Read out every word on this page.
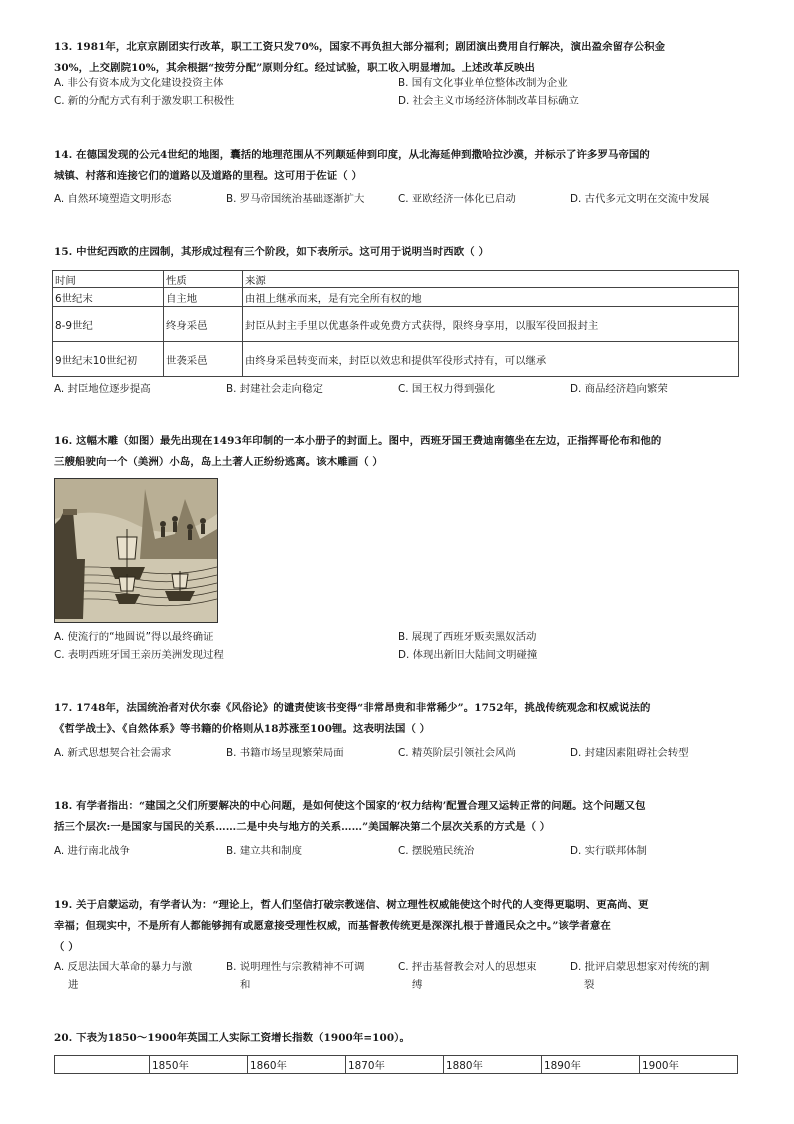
13. 1981年，北京京剧团实行改革，职工工资只发70%，国家不再负担大部分福利；剧团演出费用自行解决，演出盈余留存公积金
30%，上交剧院10%，其余根据“按劳分配”原则分红。经过试验，职工收入明显增加。上述改革反映出
A. 非公有资本成为文化建设投资主体	B. 国有文化事业单位整体改制为企业
C. 新的分配方式有利于激发职工积极性	D. 社会主义市场经济体制改革目标确立
14. 在德国发现的公元4世纪的地图，囊括的地理范围从不列颠延伸到印度，从北海延伸到撒哈拉沙漠，并标示了许多罗马帝国的
城镇、村落和连接它们的道路以及道路的里程。这可用于佐证（ ）
A. 自然环境塑造文明形态	B. 罗马帝国统治基础逐渐扩大	C. 亚欧经济一体化已启动	D. 古代多元文明在交流中发展
15. 中世纪西欧的庄园制，其形成过程有三个阶段，如下表所示。这可用于说明当时西欧（ ）
时间	性质	来源
6世纪末	自主地	由祖上继承而来，是有完全所有权的地
8-9世纪	终身采邑	封臣从封主手里以优惠条件或免费方式获得，限终身享用，以服军役回报封主
9世纪末10世纪初	世袭采邑	由终身采邑转变而来，封臣以效忠和提供军役形式持有，可以继承
A. 封臣地位逐步提高	B. 封建社会走向稳定	C. 国王权力得到强化	D. 商品经济趋向繁荣
16. 这幅木雕（如图）最先出现在1493年印制的一本小册子的封面上。图中，西班牙国王费迪南德坐在左边，正指挥哥伦布和他的
三艘船驶向一个（美洲）小岛，岛上土著人正纷纷逃离。该木雕画（ ）
A. 使流行的“地圆说”得以最终确证	B. 展现了西班牙贩卖黑奴活动
C. 表明西班牙国王亲历美洲发现过程	D. 体现出新旧大陆间文明碰撞
17. 1748年，法国统治者对伏尔泰《风俗论》的谴责使该书变得“非常昂贵和非常稀少”。1752年，挑战传统观念和权威说法的
《哲学战士》、《自然体系》等书籍的价格则从18苏涨至100锂。这表明法国（ ）
A. 新式思想契合社会需求	B. 书籍市场呈现繁荣局面	C. 精英阶层引领社会风尚	D. 封建因素阻碍社会转型
18. 有学者指出：“建国之父们所要解决的中心问题，是如何使这个国家的‘权力结构’配置合理又运转正常的问题。这个问题又包
括三个层次:一是国家与国民的关系……二是中央与地方的关系……”美国解决第二个层次关系的方式是（ ）
A. 进行南北战争	B. 建立共和制度	C. 摆脱殖民统治	D. 实行联邦体制
19. 关于启蒙运动，有学者认为：“理论上，哲人们坚信打破宗教迷信、树立理性权威能使这个时代的人变得更聪明、更高尚、更
幸福；但现实中，不是所有人都能够拥有或愿意接受理性权威，而基督教传统更是深深扎根于普通民众之中。”该学者意在
（ ）
A. 反思法国大革命的暴力与激
进
B. 说明理性与宗教精神不可调
和
C. 抨击基督教会对人的思想束
缚
D. 批评启蒙思想家对传统的割
裂
20. 下表为1850～1900年英国工人实际工资增长指数（1900年=100）。
	1850年	1860年	1870年	1880年	1890年	1900年
